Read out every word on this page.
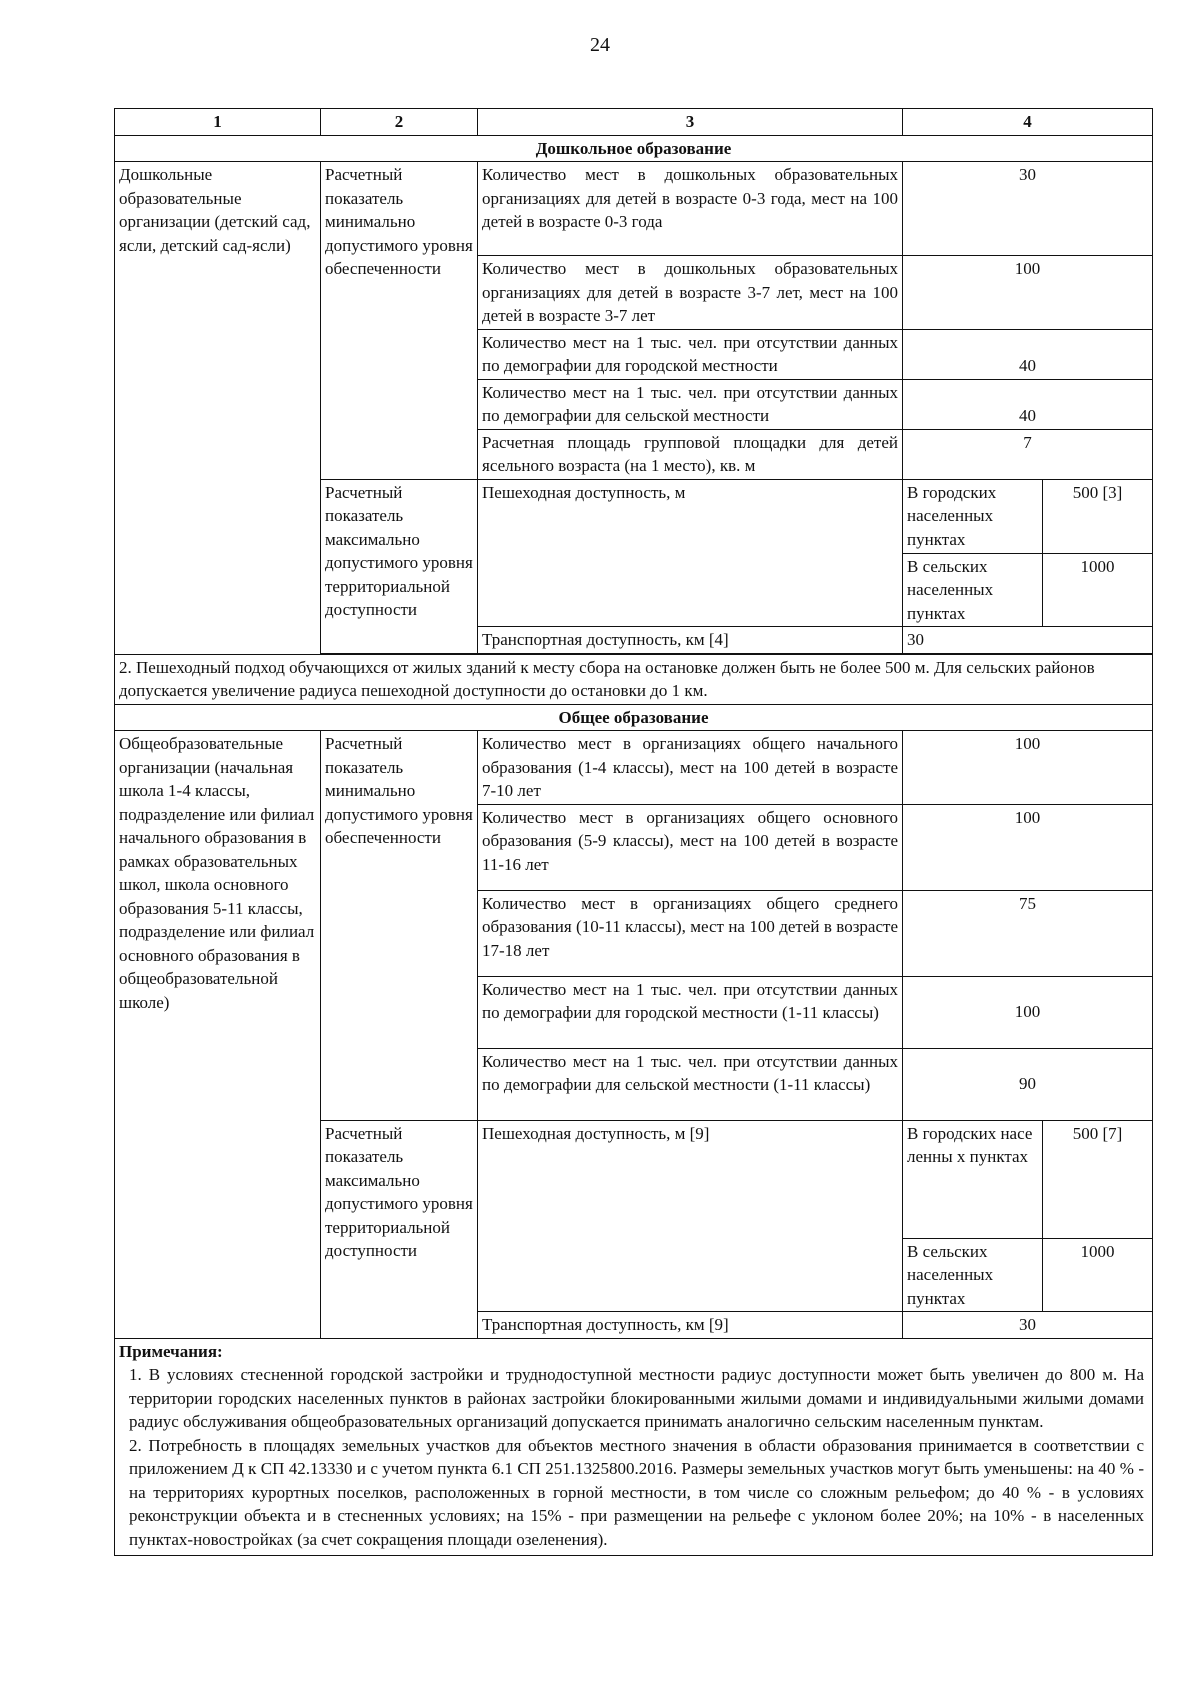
24
1	2	3	4	
Дошкольное образование				
Дошкольные образовательные организации (детский сад, ясли, детский сад-ясли)	Расчетный показатель минимально допустимого уровня обеспеченности	Количество мест в дошкольных образовательных организациях для детей в возрасте 0-3 года, мест на 100 детей в возрасте 0-3 года	30	
		Количество мест в дошкольных образовательных организациях для детей в возрасте 3-7 лет, мест на 100 детей в возрасте 3-7 лет	100	
		Количество мест на 1 тыс. чел. при отсутствии данных по демографии для городской местности	40	
		Количество мест на 1 тыс. чел. при отсутствии данных по демографии для сельской местности	40	
		Расчетная площадь групповой площадки для детей ясельного возраста (на 1 место), кв. м	7	
	Расчетный показатель максимально допустимого уровня территориальной доступности	Пешеходная доступность, м	В городских населенных пунктах	500 [3]
			В сельских населенных пунктах	1000
		Транспортная доступность, км [4]	30	

2. Пешеходный подход обучающихся от жилых зданий к месту сбора на остановке должен быть не более 500 м. Для сельских районов допускается увеличение радиуса пешеходной доступности до остановки до 1 км.				
Общее образование				
Общеобразовательные организации (начальная школа 1-4 классы, подразделение или филиал начального образования в рамках образовательных школ, школа основного образования 5-11 классы, подразделение или филиал основного образования в общеобразовательной школе)	Расчетный показатель минимально допустимого уровня обеспеченности	Количество мест в организациях общего начального образования (1-4 классы), мест на 100 детей в возрасте 7-10 лет	100	
		Количество мест в организациях общего основного образования (5-9 классы), мест на 100 детей в возрасте 11-16 лет	100	
		Количество мест в организациях общего среднего образования (10-11 классы), мест на 100 детей в возрасте 17-18 лет	75	
		Количество мест на 1 тыс. чел. при отсутствии данных по демографии для городской местности (1-11 классы)	100	
		Количество мест на 1 тыс. чел. при отсутствии данных по демографии для сельской местности (1-11 классы)	90	
	Расчетный показатель максимально допустимого уровня территориальной доступности	Пешеходная доступность, м [9]	В городских населенны х пунктах	500 [7]
			В сельских населенных пунктах	1000
		Транспортная доступность, км [9]	30	

Примечания:

1. В условиях стесненной городской застройки и труднодоступной местности радиус доступности может быть увеличен до 800 м. На территории городских населенных пунктов в районах застройки блокированными жилыми домами и индивидуальными жилыми домами радиус обслуживания общеобразовательных организаций допускается принимать аналогично сельским населенным пунктам.

2. Потребность в площадях земельных участков для объектов местного значения в области образования принимается в соответствии с приложением Д к СП 42.13330 и с учетом пункта 6.1 СП 251.1325800.2016. Размеры земельных участков могут быть уменьшены: на 40 % - на территориях курортных поселков, расположенных в горной местности, в том числе со сложным рельефом; до 40 % - в условиях реконструкции объекта и в стесненных условиях; на 15% - при размещении на рельефе с уклоном более 20%; на 10% - в населенных пунктах-новостройках (за счет сокращения площади озеленения).				
